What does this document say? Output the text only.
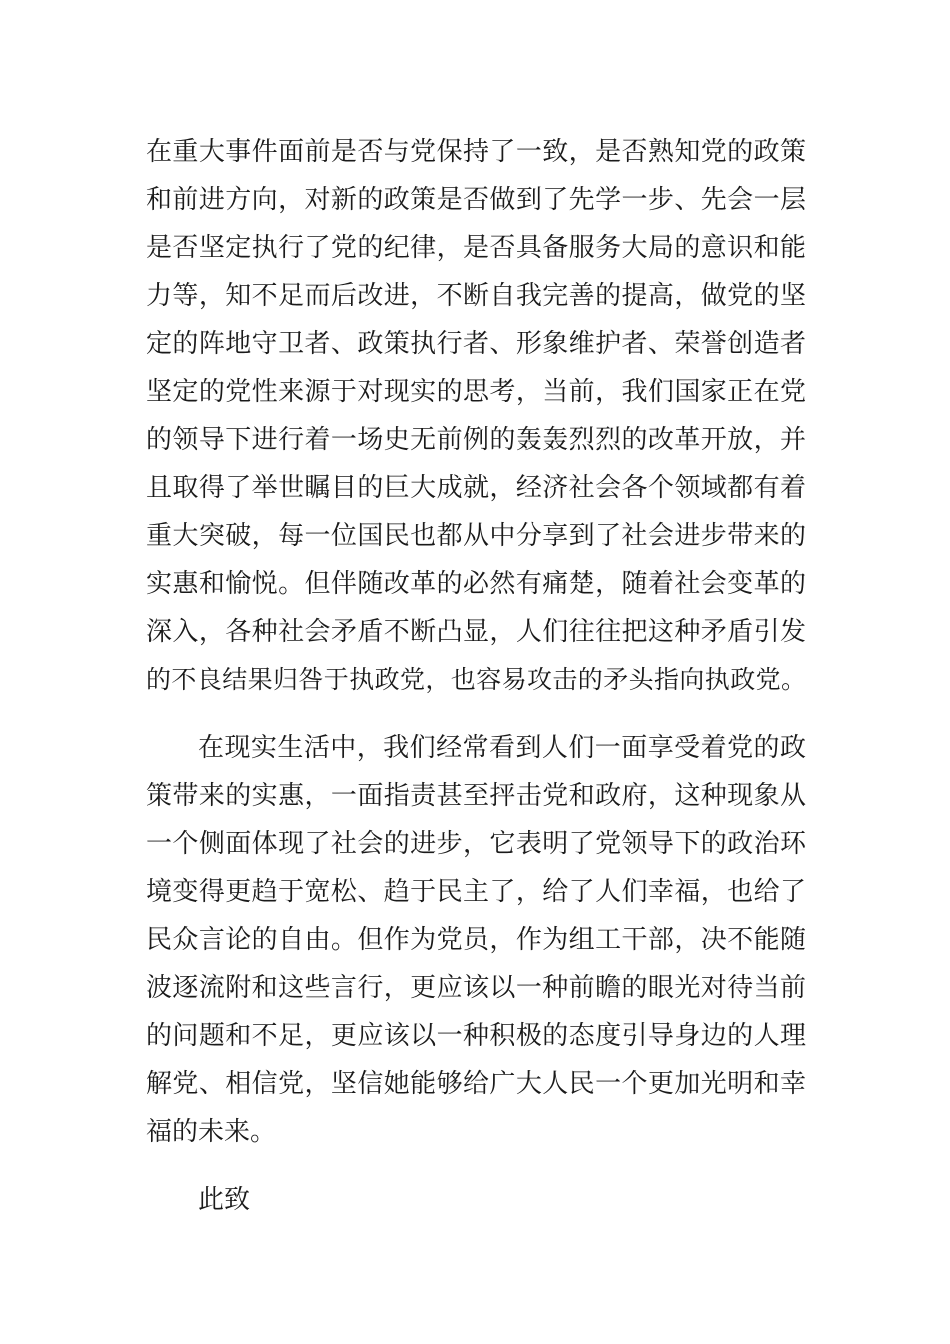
在重大事件面前是否与党保持了一致，是否熟知党的政策
和前进方向，对新的政策是否做到了先学一步、先会一层
是否坚定执行了党的纪律，是否具备服务大局的意识和能
力等，知不足而后改进，不断自我完善的提高，做党的坚
定的阵地守卫者、政策执行者、形象维护者、荣誉创造者
坚定的党性来源于对现实的思考，当前，我们国家正在党
的领导下进行着一场史无前例的轰轰烈烈的改革开放，并
且取得了举世瞩目的巨大成就，经济社会各个领域都有着
重大突破，每一位国民也都从中分享到了社会进步带来的
实惠和愉悦。但伴随改革的必然有痛楚，随着社会变革的
深入，各种社会矛盾不断凸显，人们往往把这种矛盾引发
的不良结果归咎于执政党，也容易攻击的矛头指向执政党。
在现实生活中，我们经常看到人们一面享受着党的政
策带来的实惠，一面指责甚至抨击党和政府，这种现象从
一个侧面体现了社会的进步，它表明了党领导下的政治环
境变得更趋于宽松、趋于民主了，给了人们幸福，也给了
民众言论的自由。但作为党员，作为组工干部，决不能随
波逐流附和这些言行，更应该以一种前瞻的眼光对待当前
的问题和不足，更应该以一种积极的态度引导身边的人理
解党、相信党，坚信她能够给广大人民一个更加光明和幸
福的未来。
此致
